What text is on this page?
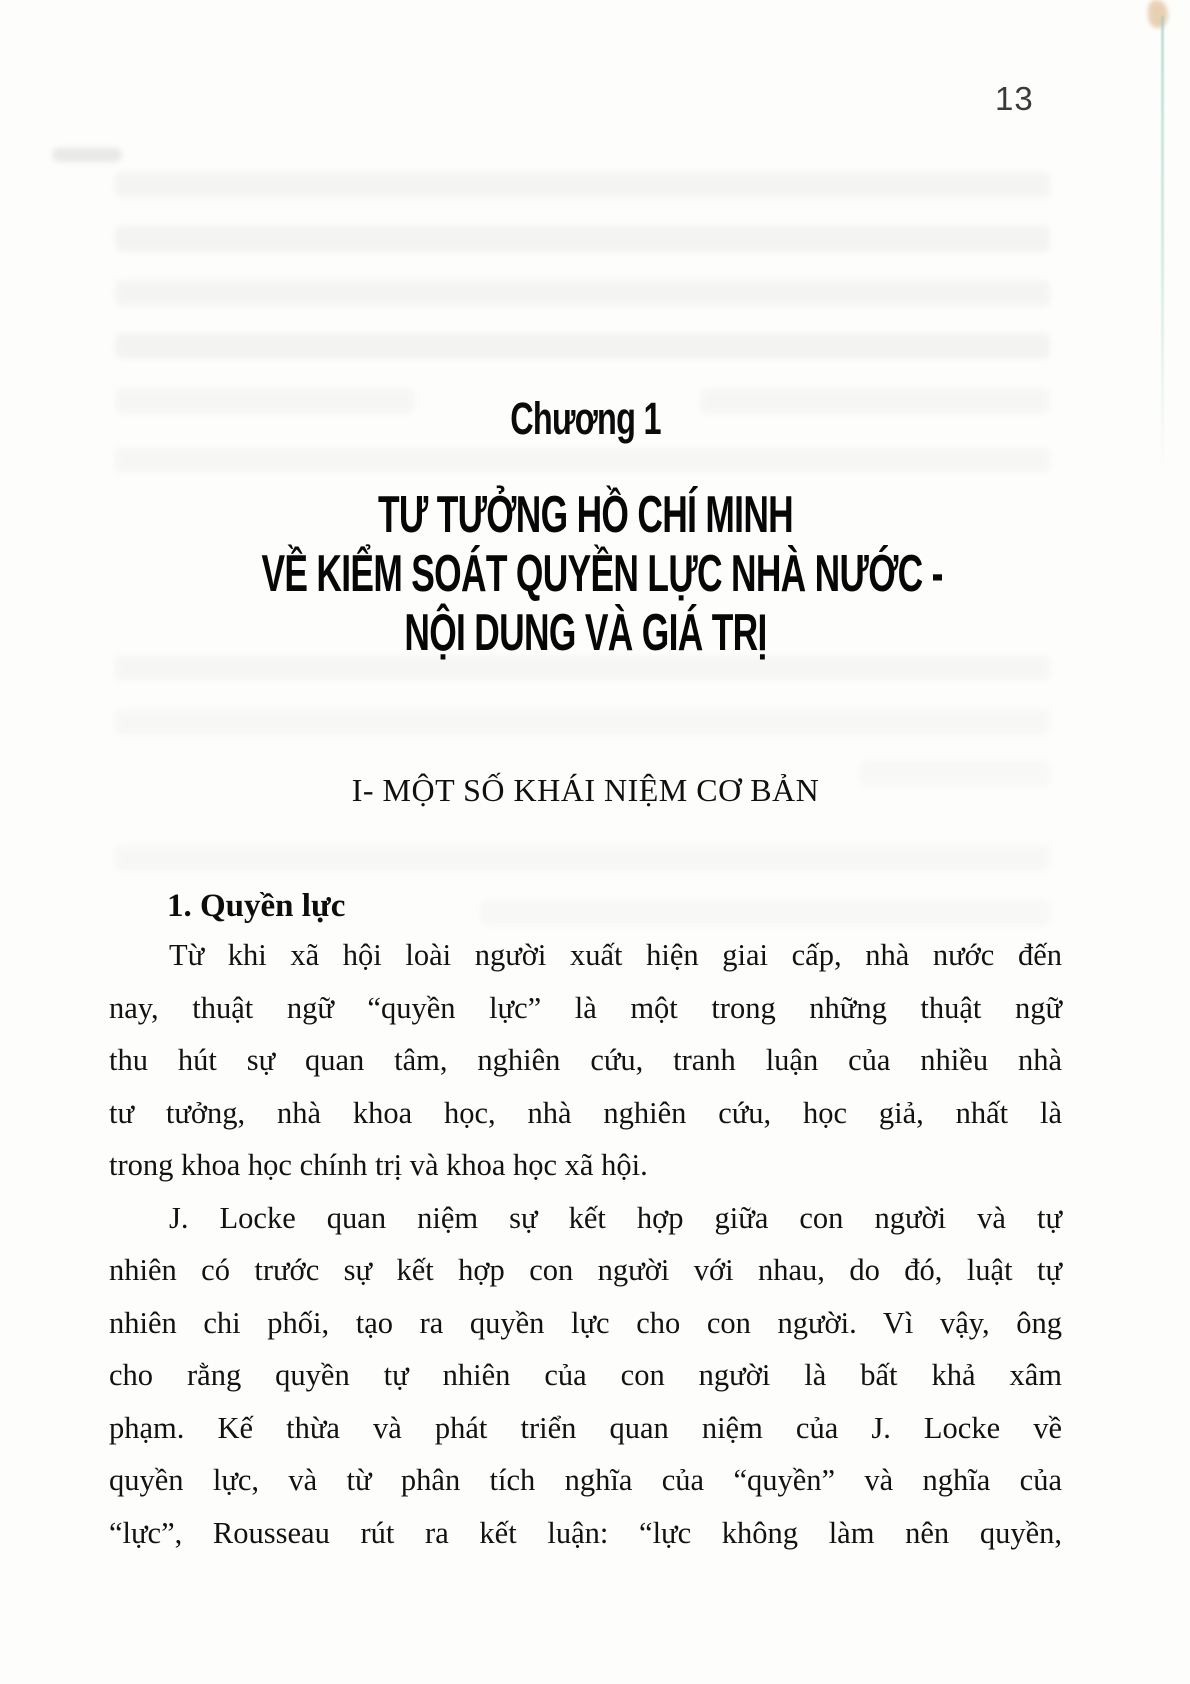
13
Chương 1
TƯ TƯỞNG HỒ CHÍ MINH
VỀ KIỂM SOÁT QUYỀN LỰC NHÀ NƯỚC -
NỘI DUNG VÀ GIÁ TRỊ
I- MỘT SỐ KHÁI NIỆM CƠ BẢN
1. Quyền lực

Từ khi xã hội loài người xuất hiện giai cấp, nhà nước đến

nay, thuật ngữ “quyền lực” là một trong những thuật ngữ

thu hút sự quan tâm, nghiên cứu, tranh luận của nhiều nhà

tư tưởng, nhà khoa học, nhà nghiên cứu, học giả, nhất là

trong khoa học chính trị và khoa học xã hội.

J. Locke quan niệm sự kết hợp giữa con người và tự

nhiên có trước sự kết hợp con người với nhau, do đó, luật tự

nhiên chi phối, tạo ra quyền lực cho con người. Vì vậy, ông

cho rằng quyền tự nhiên của con người là bất khả xâm

phạm. Kế thừa và phát triển quan niệm của J. Locke về

quyền lực, và từ phân tích nghĩa của “quyền” và nghĩa của

“lực”, Rousseau rút ra kết luận: “lực không làm nên quyền,
